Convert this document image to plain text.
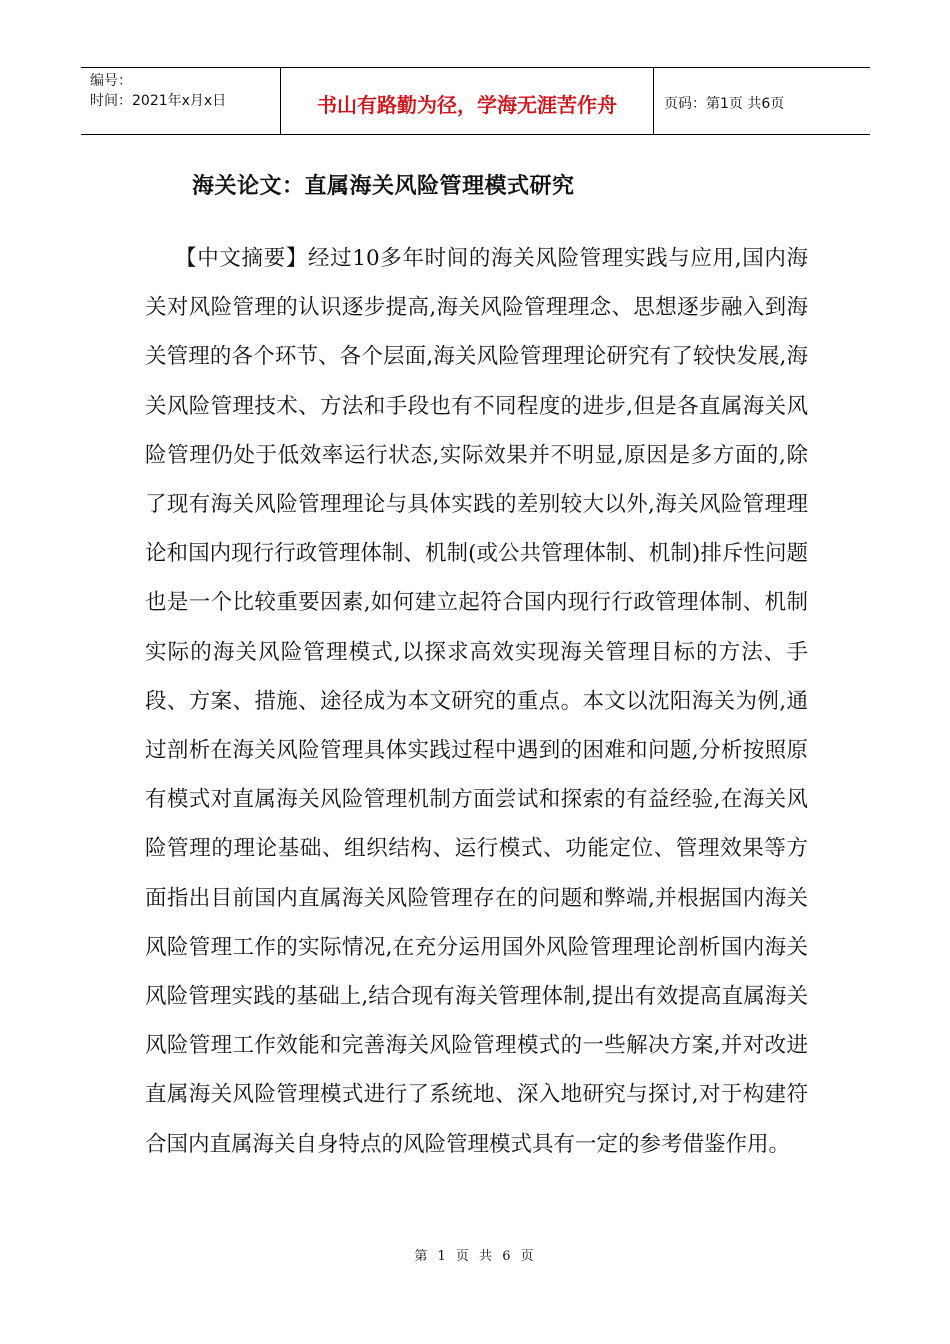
编号：
时间：2021年x月x日	书山有路勤为径，学海无涯苦作舟	页码：第1页 共6页
海关论文：直属海关风险管理模式研究

【中文摘要】经过10多年时间的海关风险管理实践与应用,国内海关对风险管理的认识逐步提高,海关风险管理理念、思想逐步融入到海关管理的各个环节、各个层面,海关风险管理理论研究有了较快发展,海关风险管理技术、方法和手段也有不同程度的进步,但是各直属海关风险管理仍处于低效率运行状态,实际效果并不明显,原因是多方面的,除了现有海关风险管理理论与具体实践的差别较大以外,海关风险管理理论和国内现行行政管理体制、机制(或公共管理体制、机制)排斥性问题也是一个比较重要因素,如何建立起符合国内现行行政管理体制、机制实际的海关风险管理模式,以探求高效实现海关管理目标的方法、手段、方案、措施、途径成为本文研究的重点。本文以沈阳海关为例,通过剖析在海关风险管理具体实践过程中遇到的困难和问题,分析按照原有模式对直属海关风险管理机制方面尝试和探索的有益经验,在海关风险管理的理论基础、组织结构、运行模式、功能定位、管理效果等方面指出目前国内直属海关风险管理存在的问题和弊端,并根据国内海关风险管理工作的实际情况,在充分运用国外风险管理理论剖析国内海关风险管理实践的基础上,结合现有海关管理体制,提出有效提高直属海关风险管理工作效能和完善海关风险管理模式的一些解决方案,并对改进直属海关风险管理模式进行了系统地、深入地研究与探讨,对于构建符合国内直属海关自身特点的风险管理模式具有一定的参考借鉴作用。

第 1 页 共 6 页
